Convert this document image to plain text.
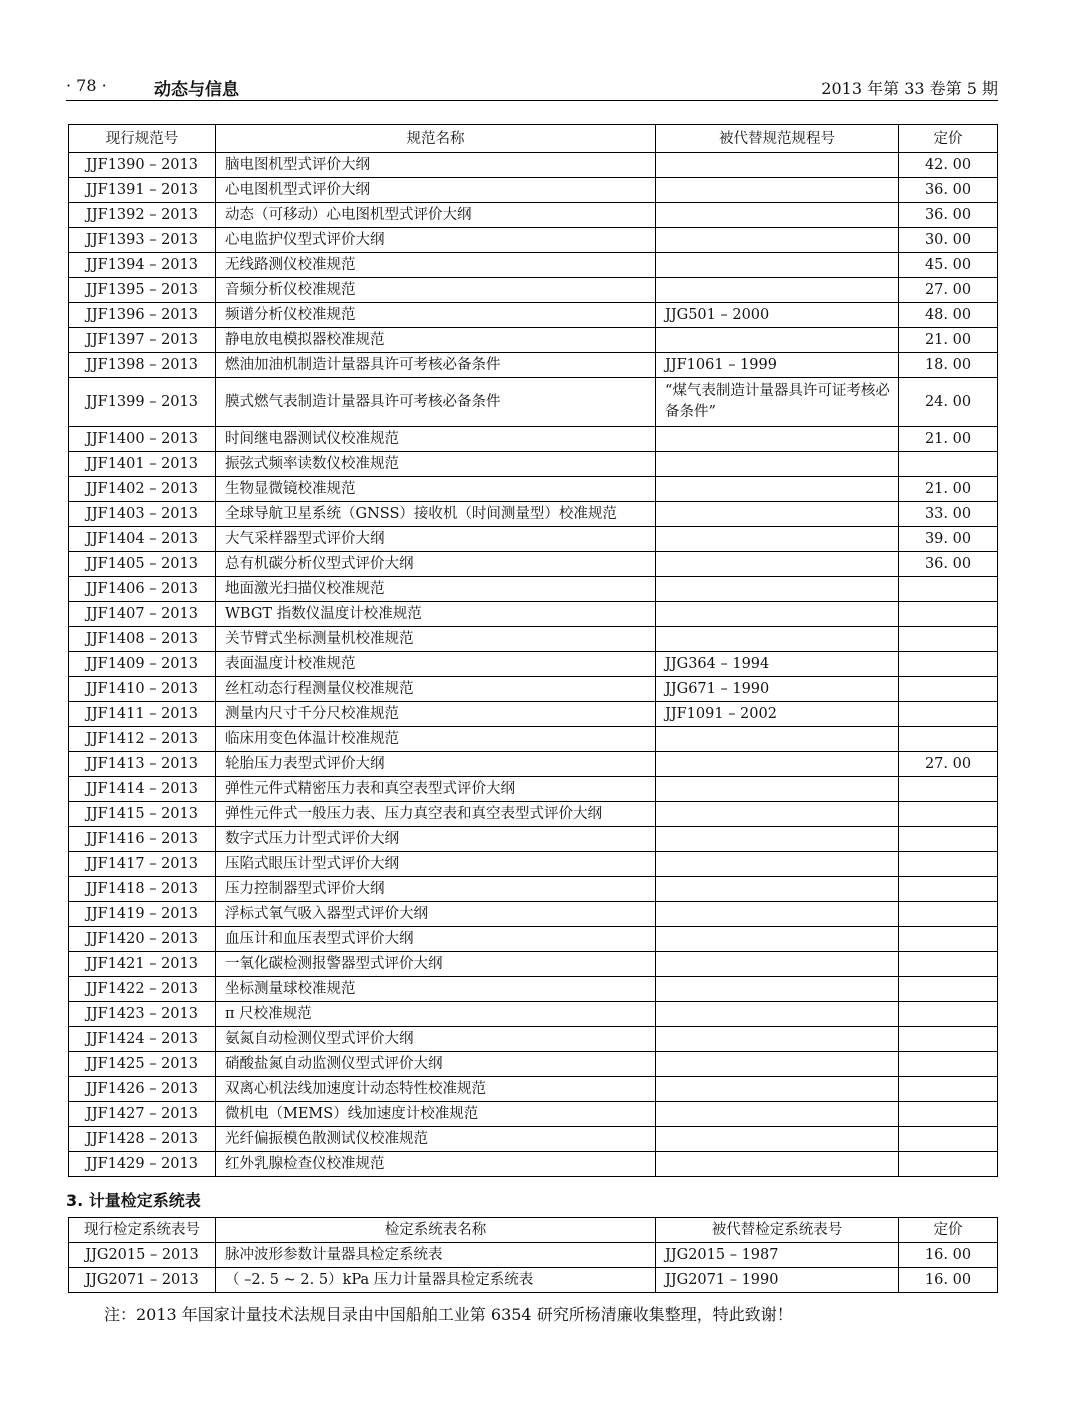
· 78 ·	动态与信息	2013 年第 33 卷第 5 期
现行规范号	规范名称	被代替规范规程号	定价
JJF1390 – 2013	脑电图机型式评价大纲		42. 00
JJF1391 – 2013	心电图机型式评价大纲		36. 00
JJF1392 – 2013	动态（可移动）心电图机型式评价大纲		36. 00
JJF1393 – 2013	心电监护仪型式评价大纲		30. 00
JJF1394 – 2013	无线路测仪校准规范		45. 00
JJF1395 – 2013	音频分析仪校准规范		27. 00
JJF1396 – 2013	频谱分析仪校准规范	JJG501 – 2000	48. 00
JJF1397 – 2013	静电放电模拟器校准规范		21. 00
JJF1398 – 2013	燃油加油机制造计量器具许可考核必备条件	JJF1061 – 1999	18. 00
JJF1399 – 2013	膜式燃气表制造计量器具许可考核必备条件	“煤气表制造计量器具许可证考核必备条件”	24. 00
JJF1400 – 2013	时间继电器测试仪校准规范		21. 00
JJF1401 – 2013	振弦式频率读数仪校准规范		
JJF1402 – 2013	生物显微镜校准规范		21. 00
JJF1403 – 2013	全球导航卫星系统（GNSS）接收机（时间测量型）校准规范		33. 00
JJF1404 – 2013	大气采样器型式评价大纲		39. 00
JJF1405 – 2013	总有机碳分析仪型式评价大纲		36. 00
JJF1406 – 2013	地面激光扫描仪校准规范		
JJF1407 – 2013	WBGT 指数仪温度计校准规范		
JJF1408 – 2013	关节臂式坐标测量机校准规范		
JJF1409 – 2013	表面温度计校准规范	JJG364 – 1994	
JJF1410 – 2013	丝杠动态行程测量仪校准规范	JJG671 – 1990	
JJF1411 – 2013	测量内尺寸千分尺校准规范	JJF1091 – 2002	
JJF1412 – 2013	临床用变色体温计校准规范		
JJF1413 – 2013	轮胎压力表型式评价大纲		27. 00
JJF1414 – 2013	弹性元件式精密压力表和真空表型式评价大纲		
JJF1415 – 2013	弹性元件式一般压力表、压力真空表和真空表型式评价大纲		
JJF1416 – 2013	数字式压力计型式评价大纲		
JJF1417 – 2013	压陷式眼压计型式评价大纲		
JJF1418 – 2013	压力控制器型式评价大纲		
JJF1419 – 2013	浮标式氧气吸入器型式评价大纲		
JJF1420 – 2013	血压计和血压表型式评价大纲		
JJF1421 – 2013	一氧化碳检测报警器型式评价大纲		
JJF1422 – 2013	坐标测量球校准规范		
JJF1423 – 2013	π 尺校准规范		
JJF1424 – 2013	氨氮自动检测仪型式评价大纲		
JJF1425 – 2013	硝酸盐氮自动监测仪型式评价大纲		
JJF1426 – 2013	双离心机法线加速度计动态特性校准规范		
JJF1427 – 2013	微机电（MEMS）线加速度计校准规范		
JJF1428 – 2013	光纤偏振模色散测试仪校准规范		
JJF1429 – 2013	红外乳腺检查仪校准规范		
3. 计量检定系统表
现行检定系统表号	检定系统表名称	被代替检定系统表号	定价
JJG2015 – 2013	脉冲波形参数计量器具检定系统表	JJG2015 – 1987	16. 00
JJG2071 – 2013	（ –2. 5 ~ 2. 5）kPa 压力计量器具检定系统表	JJG2071 – 1990	16. 00
注：2013 年国家计量技术法规目录由中国船舶工业第 6354 研究所杨清廉收集整理，特此致谢！
